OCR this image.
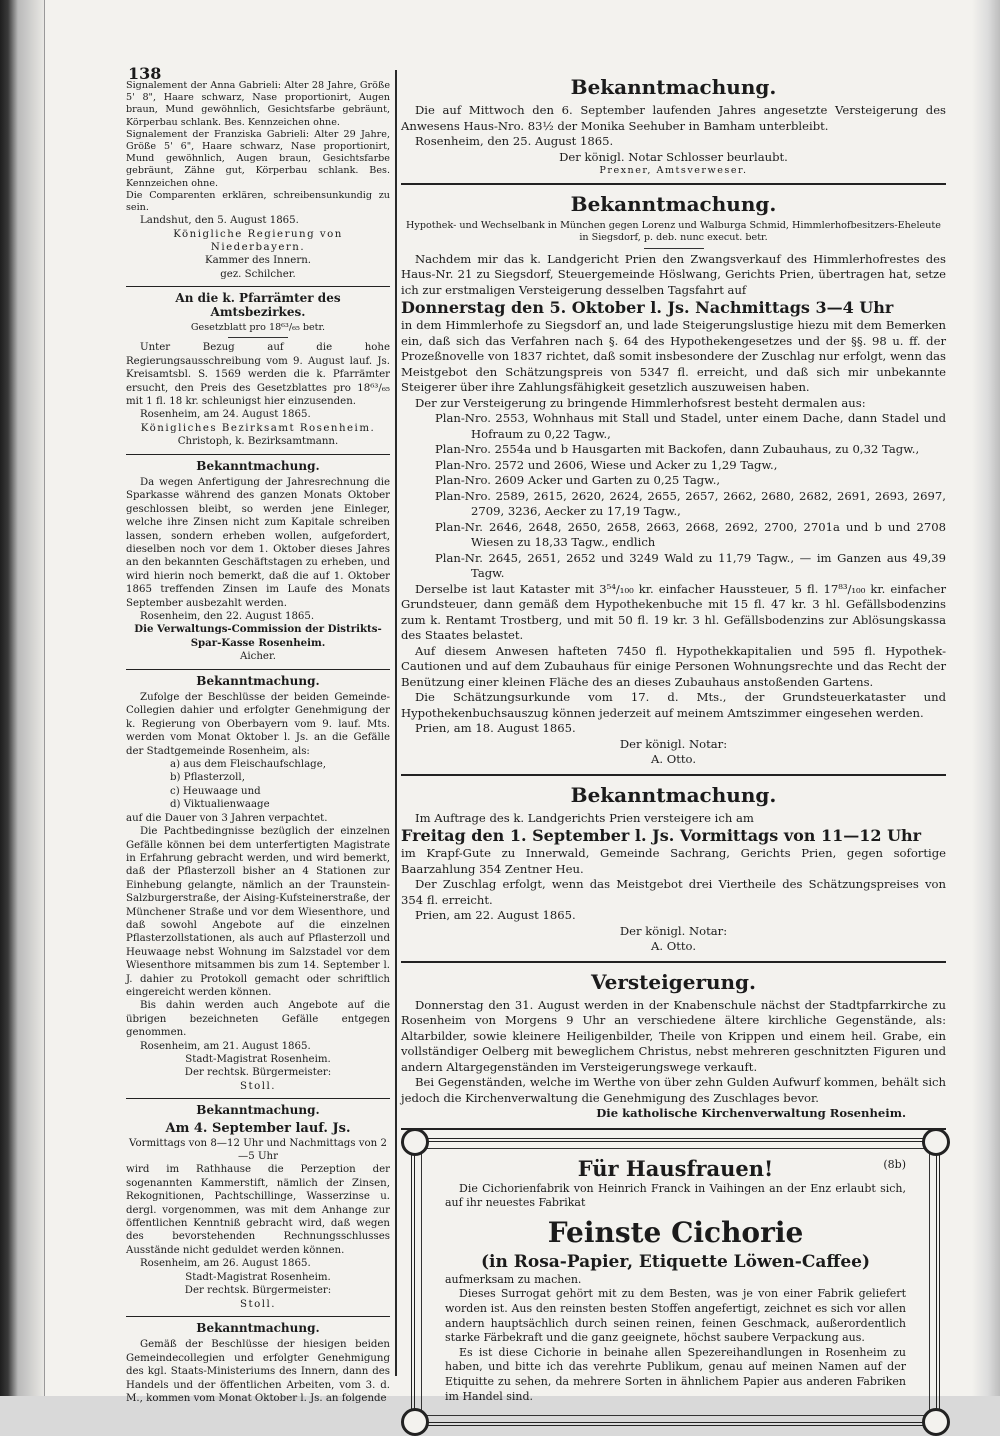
138

Signalement der Anna Gabrieli: Alter 28 Jahre, Größe 5' 8", Haare schwarz, Nase proportionirt, Augen braun, Mund gewöhnlich, Gesichtsfarbe gebräunt, Körperbau schlank. Bes. Kennzeichen ohne.

Signalement der Franziska Gabrieli: Alter 29 Jahre, Größe 5' 6", Haare schwarz, Nase proportionirt, Mund gewöhnlich, Augen braun, Gesichtsfarbe gebräunt, Zähne gut, Körperbau schlank. Bes. Kennzeichen ohne.

Die Comparenten erklären, schreibensunkundig zu sein.

Landshut, den 5. August 1865.

Königliche Regierung von Niederbayern.

Kammer des Innern.

gez. Schilcher.

An die k. Pfarrämter des Amtsbezirkes.

Gesetzblatt pro 18⁶³/₆₅ betr.

Unter Bezug auf die hohe Regierungsausschreibung vom 9. August lauf. Js. Kreisamtsbl. S. 1569 werden die k. Pfarrämter ersucht, den Preis des Gesetzblattes pro 18⁶³/₆₅ mit 1 fl. 18 kr. schleunigst hier einzusenden.

Rosenheim, am 24. August 1865.

Königliches Bezirksamt Rosenheim.

Christoph, k. Bezirksamtmann.

Bekanntmachung.

Da wegen Anfertigung der Jahresrechnung die Sparkasse während des ganzen Monats Oktober geschlossen bleibt, so werden jene Einleger, welche ihre Zinsen nicht zum Kapitale schreiben lassen, sondern erheben wollen, aufgefordert, dieselben noch vor dem 1. Oktober dieses Jahres an den bekannten Geschäftstagen zu erheben, und wird hierin noch bemerkt, daß die auf 1. Oktober 1865 treffenden Zinsen im Laufe des Monats September ausbezahlt werden.

Rosenheim, den 22. August 1865.

Die Verwaltungs-Commission der Distrikts-Spar-Kasse Rosenheim.

Aicher.

Bekanntmachung.

Zufolge der Beschlüsse der beiden Gemeinde-Collegien dahier und erfolgter Genehmigung der k. Regierung von Oberbayern vom 9. lauf. Mts. werden vom Monat Oktober l. Js. an die Gefälle der Stadtgemeinde Rosenheim, als:

a) aus dem Fleischaufschlage,
b) Pflasterzoll,
c) Heuwaage und
d) Viktualienwaage

auf die Dauer von 3 Jahren verpachtet.

Die Pachtbedingnisse bezüglich der einzelnen Gefälle können bei dem unterfertigten Magistrate in Erfahrung gebracht werden, und wird bemerkt, daß der Pflasterzoll bisher an 4 Stationen zur Einhebung gelangte, nämlich an der Traunstein-Salzburgerstraße, der Aising-Kufsteinerstraße, der Münchener Straße und vor dem Wiesenthore, und daß sowohl Angebote auf die einzelnen Pflasterzollstationen, als auch auf Pflasterzoll und Heuwaage nebst Wohnung im Salzstadel vor dem Wiesenthore mitsammen bis zum 14. September l. J. dahier zu Protokoll gemacht oder schriftlich eingereicht werden können.

Bis dahin werden auch Angebote auf die übrigen bezeichneten Gefälle entgegen genommen.

Rosenheim, am 21. August 1865.

Stadt-Magistrat Rosenheim.

Der rechtsk. Bürgermeister:

Stoll.

Bekanntmachung.

Am 4. September lauf. Js.

Vormittags von 8—12 Uhr und Nachmittags von 2—5 Uhr

wird im Rathhause die Perzeption der sogenannten Kammerstift, nämlich der Zinsen, Rekognitionen, Pachtschillinge, Wasserzinse u. dergl. vorgenommen, was mit dem Anhange zur öffentlichen Kenntniß gebracht wird, daß wegen des bevorstehenden Rechnungsschlusses Ausstände nicht geduldet werden können.

Rosenheim, am 26. August 1865.

Stadt-Magistrat Rosenheim.

Der rechtsk. Bürgermeister:

Stoll.

Bekanntmachung.

Gemäß der Beschlüsse der hiesigen beiden Gemeindecollegien und erfolgter Genehmigung des kgl. Staats-Ministeriums des Innern, dann des Handels und der öffentlichen Arbeiten, vom 3. d. M., kommen vom Monat Oktober l. Js. an folgende

Bekanntmachung.

Die auf Mittwoch den 6. September laufenden Jahres angesetzte Versteigerung des Anwesens Haus-Nro. 83½ der Monika Seehuber in Bamham unterbleibt.

Rosenheim, den 25. August 1865.

Der königl. Notar Schlosser beurlaubt.

Prexner, Amtsverweser.

Bekanntmachung.

Hypothek- und Wechselbank in München gegen Lorenz und Walburga Schmid, Himmlerhofbesitzers-Eheleute in Siegsdorf, p. deb. nunc execut. betr.

Nachdem mir das k. Landgericht Prien den Zwangsverkauf des Himmlerhofrestes des Haus-Nr. 21 zu Siegsdorf, Steuergemeinde Höslwang, Gerichts Prien, übertragen hat, setze ich zur erstmaligen Versteigerung desselben Tagsfahrt auf

Donnerstag den 5. Oktober l. Js. Nachmittags 3—4 Uhr

in dem Himmlerhofe zu Siegsdorf an, und lade Steigerungslustige hiezu mit dem Bemerken ein, daß sich das Verfahren nach §. 64 des Hypothekengesetzes und der §§. 98 u. ff. der Prozeßnovelle von 1837 richtet, daß somit insbesondere der Zuschlag nur erfolgt, wenn das Meistgebot den Schätzungspreis von 5347 fl. erreicht, und daß sich mir unbekannte Steigerer über ihre Zahlungsfähigkeit gesetzlich auszuweisen haben.

Der zur Versteigerung zu bringende Himmlerhofsrest besteht dermalen aus:

Plan-Nro. 2553, Wohnhaus mit Stall und Stadel, unter einem Dache, dann Stadel und Hofraum zu 0,22 Tagw.,

Plan-Nro. 2554a und b Hausgarten mit Backofen, dann Zubauhaus, zu 0,32 Tagw.,

Plan-Nro. 2572 und 2606, Wiese und Acker zu 1,29 Tagw.,

Plan-Nro. 2609 Acker und Garten zu 0,25 Tagw.,

Plan-Nro. 2589, 2615, 2620, 2624, 2655, 2657, 2662, 2680, 2682, 2691, 2693, 2697, 2709, 3236, Aecker zu 17,19 Tagw.,

Plan-Nr. 2646, 2648, 2650, 2658, 2663, 2668, 2692, 2700, 2701a und b und 2708 Wiesen zu 18,33 Tagw., endlich

Plan-Nr. 2645, 2651, 2652 und 3249 Wald zu 11,79 Tagw., — im Ganzen aus 49,39 Tagw.

Derselbe ist laut Kataster mit 3⁵⁴/₁₀₀ kr. einfacher Haussteuer, 5 fl. 17⁸³/₁₀₀ kr. einfacher Grundsteuer, dann gemäß dem Hypothekenbuche mit 15 fl. 47 kr. 3 hl. Gefällsbodenzins zum k. Rentamt Trostberg, und mit 50 fl. 19 kr. 3 hl. Gefällsbodenzins zur Ablösungskassa des Staates belastet.

Auf diesem Anwesen hafteten 7450 fl. Hypothekkapitalien und 595 fl. Hypothek-Cautionen und auf dem Zubauhaus für einige Personen Wohnungsrechte und das Recht der Benützung einer kleinen Fläche des an dieses Zubauhaus anstoßenden Gartens.

Die Schätzungsurkunde vom 17. d. Mts., der Grundsteuerkataster und Hypothekenbuchsauszug können jederzeit auf meinem Amtszimmer eingesehen werden.

Prien, am 18. August 1865.

Der königl. Notar:

A. Otto.

Bekanntmachung.

Im Auftrage des k. Landgerichts Prien versteigere ich am

Freitag den 1. September l. Js. Vormittags von 11—12 Uhr

im Krapf-Gute zu Innerwald, Gemeinde Sachrang, Gerichts Prien, gegen sofortige Baarzahlung 354 Zentner Heu.

Der Zuschlag erfolgt, wenn das Meistgebot drei Viertheile des Schätzungspreises von 354 fl. erreicht.

Prien, am 22. August 1865.

Der königl. Notar:

A. Otto.

Versteigerung.

Donnerstag den 31. August werden in der Knabenschule nächst der Stadtpfarrkirche zu Rosenheim von Morgens 9 Uhr an verschiedene ältere kirchliche Gegenstände, als: Altarbilder, sowie kleinere Heiligenbilder, Theile von Krippen und einem heil. Grabe, ein vollständiger Oelberg mit beweglichem Christus, nebst mehreren geschnitzten Figuren und andern Altargegenständen im Versteigerungswege verkauft.

Bei Gegenständen, welche im Werthe von über zehn Gulden Aufwurf kommen, behält sich jedoch die Kirchenverwaltung die Genehmigung des Zuschlages bevor.

Die katholische Kirchenverwaltung Rosenheim.

Für Hausfrauen!	(8b)

Die Cichorienfabrik von Heinrich Franck in Vaihingen an der Enz erlaubt sich, auf ihr neuestes Fabrikat

Feinste Cichorie

(in Rosa-Papier, Etiquette Löwen-Caffee)

aufmerksam zu machen.

Dieses Surrogat gehört mit zu dem Besten, was je von einer Fabrik geliefert worden ist. Aus den reinsten besten Stoffen angefertigt, zeichnet es sich vor allen andern hauptsächlich durch seinen reinen, feinen Geschmack, außerordentlich starke Färbekraft und die ganz geeignete, höchst saubere Verpackung aus.

Es ist diese Cichorie in beinahe allen Spezereihandlungen in Rosenheim zu haben, und bitte ich das verehrte Publikum, genau auf meinen Namen auf der Etiquitte zu sehen, da mehrere Sorten in ähnlichem Papier aus anderen Fabriken im Handel sind.
